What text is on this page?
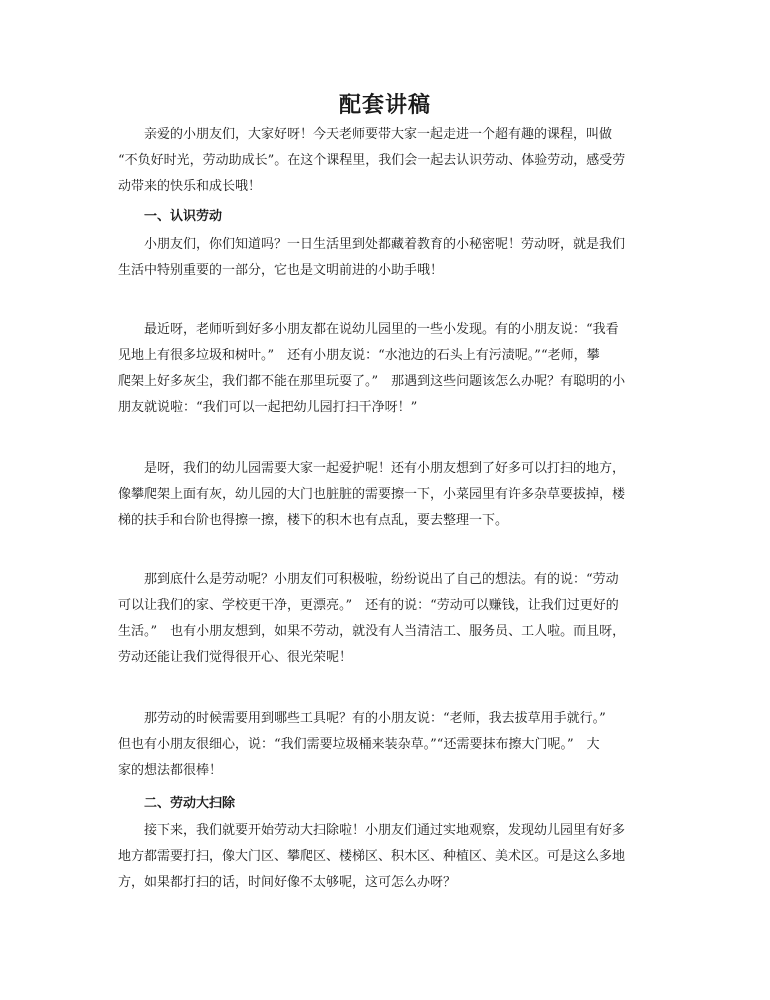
配套讲稿
亲爱的小朋友们，大家好呀！今天老师要带大家一起走进一个超有趣的课程，叫做
“不负好时光，劳动助成长”。在这个课程里，我们会一起去认识劳动、体验劳动，感受劳
动带来的快乐和成长哦！
一、认识劳动
小朋友们，你们知道吗？一日生活里到处都藏着教育的小秘密呢！劳动呀，就是我们
生活中特别重要的一部分，它也是文明前进的小助手哦！
最近呀，老师听到好多小朋友都在说幼儿园里的一些小发现。有的小朋友说：“我看
见地上有很多垃圾和树叶。”　还有小朋友说：“水池边的石头上有污渍呢。”“老师，攀
爬架上好多灰尘，我们都不能在那里玩耍了。”　那遇到这些问题该怎么办呢？有聪明的小
朋友就说啦：“我们可以一起把幼儿园打扫干净呀！”
是呀，我们的幼儿园需要大家一起爱护呢！还有小朋友想到了好多可以打扫的地方，
像攀爬架上面有灰，幼儿园的大门也脏脏的需要擦一下，小菜园里有许多杂草要拔掉，楼
梯的扶手和台阶也得擦一擦，楼下的积木也有点乱，要去整理一下。
那到底什么是劳动呢？小朋友们可积极啦，纷纷说出了自己的想法。有的说：“劳动
可以让我们的家、学校更干净，更漂亮。”　还有的说：“劳动可以赚钱，让我们过更好的
生活。”　也有小朋友想到，如果不劳动，就没有人当清洁工、服务员、工人啦。而且呀，
劳动还能让我们觉得很开心、很光荣呢！
那劳动的时候需要用到哪些工具呢？有的小朋友说：“老师，我去拔草用手就行。”
但也有小朋友很细心，说：“我们需要垃圾桶来装杂草。”“还需要抹布擦大门呢。”　大
家的想法都很棒！
二、劳动大扫除
接下来，我们就要开始劳动大扫除啦！小朋友们通过实地观察，发现幼儿园里有好多
地方都需要打扫，像大门区、攀爬区、楼梯区、积木区、种植区、美术区。可是这么多地
方，如果都打扫的话，时间好像不太够呢，这可怎么办呀？
